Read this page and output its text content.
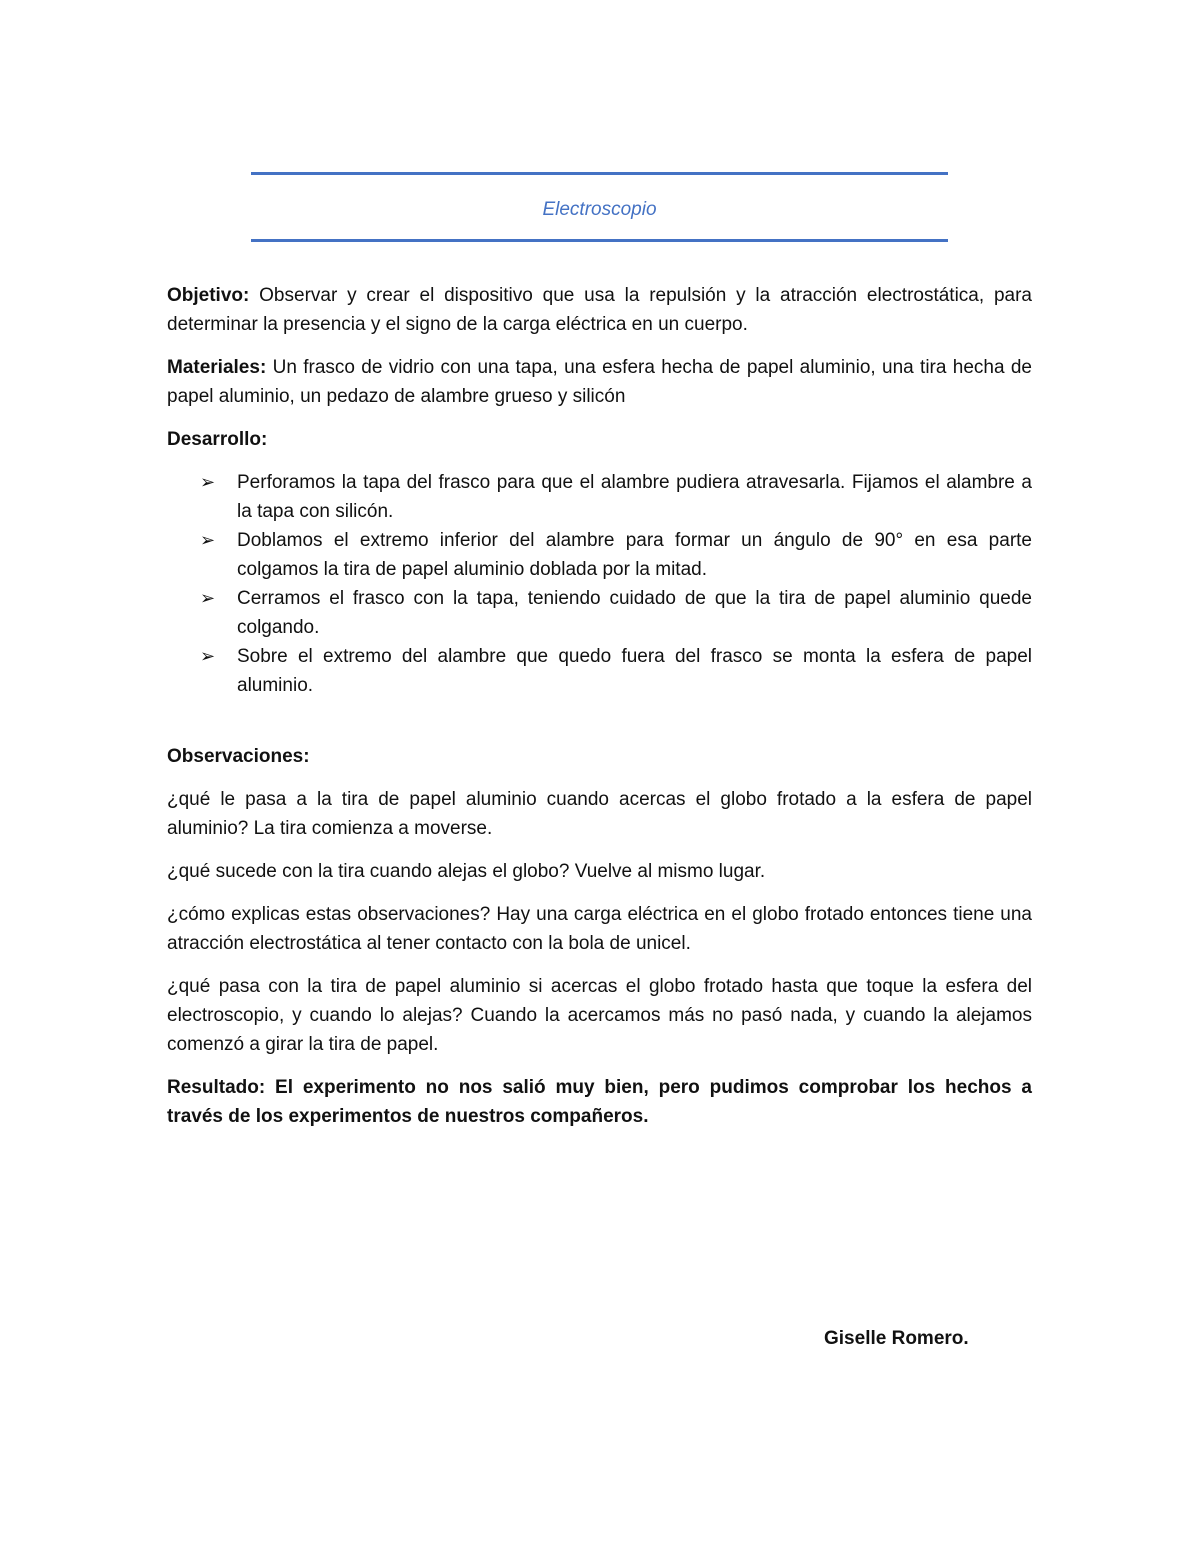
Electroscopio

Objetivo: Observar y crear el dispositivo que usa la repulsión y la atracción electrostática, para determinar la presencia y el signo de la carga eléctrica en un cuerpo.

Materiales: Un frasco de vidrio con una tapa, una esfera hecha de papel aluminio, una tira hecha de papel aluminio, un pedazo de alambre grueso y silicón

Desarrollo:

➢ Perforamos la tapa del frasco para que el alambre pudiera atravesarla. Fijamos el alambre a la tapa con silicón.
➢ Doblamos el extremo inferior del alambre para formar un ángulo de 90° en esa parte colgamos la tira de papel aluminio doblada por la mitad.
➢ Cerramos el frasco con la tapa, teniendo cuidado de que la tira de papel aluminio quede colgando.
➢ Sobre el extremo del alambre que quedo fuera del frasco se monta la esfera de papel aluminio.

Observaciones:

¿qué le pasa a la tira de papel aluminio cuando acercas el globo frotado a la esfera de papel aluminio? La tira comienza a moverse.

¿qué sucede con la tira cuando alejas el globo? Vuelve al mismo lugar.

¿cómo explicas estas observaciones? Hay una carga eléctrica en el globo frotado entonces tiene una atracción electrostática al tener contacto con la bola de unicel.

¿qué pasa con la tira de papel aluminio si acercas el globo frotado hasta que toque la esfera del electroscopio, y cuando lo alejas? Cuando la acercamos más no pasó nada, y cuando la alejamos comenzó a girar la tira de papel.

Resultado: El experimento no nos salió muy bien, pero pudimos comprobar los hechos a través de los experimentos de nuestros compañeros.

Giselle Romero.
